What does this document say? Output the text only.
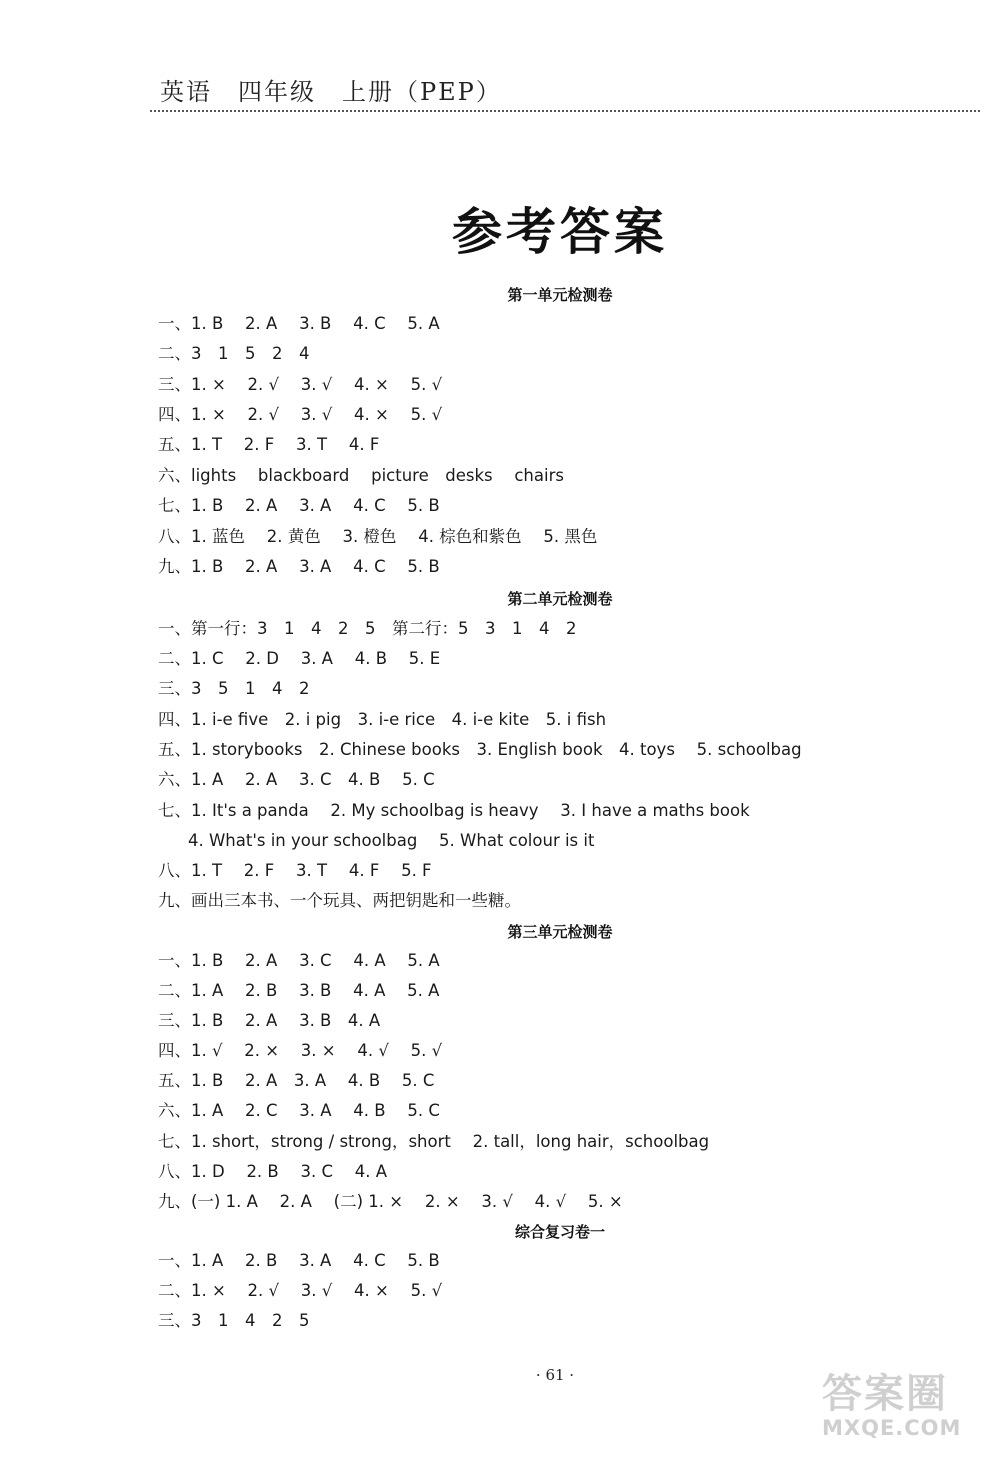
英语　四年级　上册（PEP）
参考答案
第一单元检测卷
一、1. B　 2. A　 3. B　 4. C　 5. A
二、3　1　5　2　4
三、1. ×　 2. √　 3. √　 4. ×　 5. √
四、1. ×　 2. √　 3. √　 4. ×　 5. √
五、1. T　 2. F　 3. T　 4. F
六、lights　 blackboard　 picture　desks　 chairs
七、1. B　 2. A　 3. A　 4. C　 5. B
八、1. 蓝色　 2. 黄色　 3. 橙色　 4. 棕色和紫色　 5. 黑色
九、1. B　 2. A　 3. A　 4. C　 5. B
第二单元检测卷
一、第一行：3　1　4　2　5　第二行：5　3　1　4　2
二、1. C　 2. D　 3. A　 4. B　 5. E
三、3　5　1　4　2
四、1. i-e five　2. i pig　3. i-e rice　4. i-e kite　5. i fish
五、1. storybooks　2. Chinese books　3. English book　4. toys　 5. schoolbag
六、1. A　 2. A　 3. C　4. B　 5. C
七、1. It's a panda　 2. My schoolbag is heavy　 3. I have a maths book
4. What's in your schoolbag　 5. What colour is it
八、1. T　 2. F　 3. T　 4. F　 5. F
九、画出三本书、一个玩具、两把钥匙和一些糖。
第三单元检测卷
一、1. B　 2. A　 3. C　 4. A　 5. A
二、1. A　 2. B　 3. B　 4. A　 5. A
三、1. B　 2. A　 3. B　4. A
四、1. √　 2. ×　 3. ×　 4. √　 5. √
五、1. B　 2. A　3. A　 4. B　 5. C
六、1. A　 2. C　 3. A　 4. B　 5. C
七、1. short，strong / strong，short　 2. tall，long hair，schoolbag
八、1. D　 2. B　 3. C　 4. A
九、(一) 1. A　 2. A　 (二) 1. ×　 2. ×　 3. √　 4. √　 5. ×
综合复习卷一
一、1. A　 2. B　 3. A　 4. C　 5. B
二、1. ×　 2. √　 3. √　 4. ×　 5. √
三、3　1　4　2　5
· 61 ·	答案圈
MXQE.COM
